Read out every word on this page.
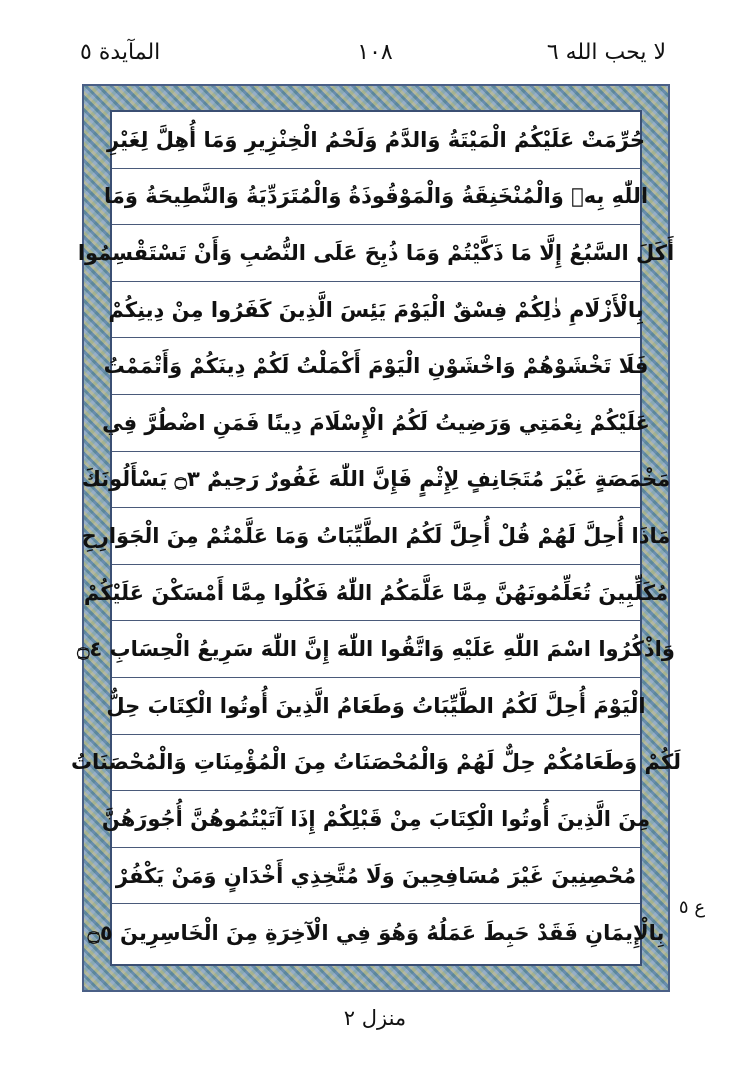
المآيدة ٥	١٠٨	لا يحب الله ٦
حُرِّمَتْ عَلَيْكُمُ الْمَيْتَةُ وَالدَّمُ وَلَحْمُ الْخِنْزِيرِ وَمَا أُهِلَّ لِغَيْرِ
اللّٰهِ بِهٖ وَالْمُنْخَنِقَةُ وَالْمَوْقُوذَةُ وَالْمُتَرَدِّيَةُ وَالنَّطِيحَةُ وَمَا
أَكَلَ السَّبُعُ إِلَّا مَا ذَكَّيْتُمْ وَمَا ذُبِحَ عَلَى النُّصُبِ وَأَنْ تَسْتَقْسِمُوا
بِالْأَزْلَامِ ذٰلِكُمْ فِسْقٌ الْيَوْمَ يَئِسَ الَّذِينَ كَفَرُوا مِنْ دِينِكُمْ
فَلَا تَخْشَوْهُمْ وَاخْشَوْنِ الْيَوْمَ أَكْمَلْتُ لَكُمْ دِينَكُمْ وَأَتْمَمْتُ
عَلَيْكُمْ نِعْمَتِي وَرَضِيتُ لَكُمُ الْإِسْلَامَ دِينًا فَمَنِ اضْطُرَّ فِي
مَخْمَصَةٍ غَيْرَ مُتَجَانِفٍ لِإِثْمٍ فَإِنَّ اللّٰهَ غَفُورٌ رَحِيمٌ ۝٣ يَسْأَلُونَكَ
مَاذَا أُحِلَّ لَهُمْ قُلْ أُحِلَّ لَكُمُ الطَّيِّبَاتُ وَمَا عَلَّمْتُمْ مِنَ الْجَوَارِحِ
مُكَلِّبِينَ تُعَلِّمُونَهُنَّ مِمَّا عَلَّمَكُمُ اللّٰهُ فَكُلُوا مِمَّا أَمْسَكْنَ عَلَيْكُمْ
وَاذْكُرُوا اسْمَ اللّٰهِ عَلَيْهِ وَاتَّقُوا اللّٰهَ إِنَّ اللّٰهَ سَرِيعُ الْحِسَابِ ۝٤
الْيَوْمَ أُحِلَّ لَكُمُ الطَّيِّبَاتُ وَطَعَامُ الَّذِينَ أُوتُوا الْكِتَابَ حِلٌّ
لَكُمْ وَطَعَامُكُمْ حِلٌّ لَهُمْ وَالْمُحْصَنَاتُ مِنَ الْمُؤْمِنَاتِ وَالْمُحْصَنَاتُ
مِنَ الَّذِينَ أُوتُوا الْكِتَابَ مِنْ قَبْلِكُمْ إِذَا آتَيْتُمُوهُنَّ أُجُورَهُنَّ
مُحْصِنِينَ غَيْرَ مُسَافِحِينَ وَلَا مُتَّخِذِي أَخْدَانٍ وَمَنْ يَكْفُرْ
بِالْإِيمَانِ فَقَدْ حَبِطَ عَمَلُهُ وَهُوَ فِي الْآخِرَةِ مِنَ الْخَاسِرِينَ ۝٥
ع ٥
منزل ٢
